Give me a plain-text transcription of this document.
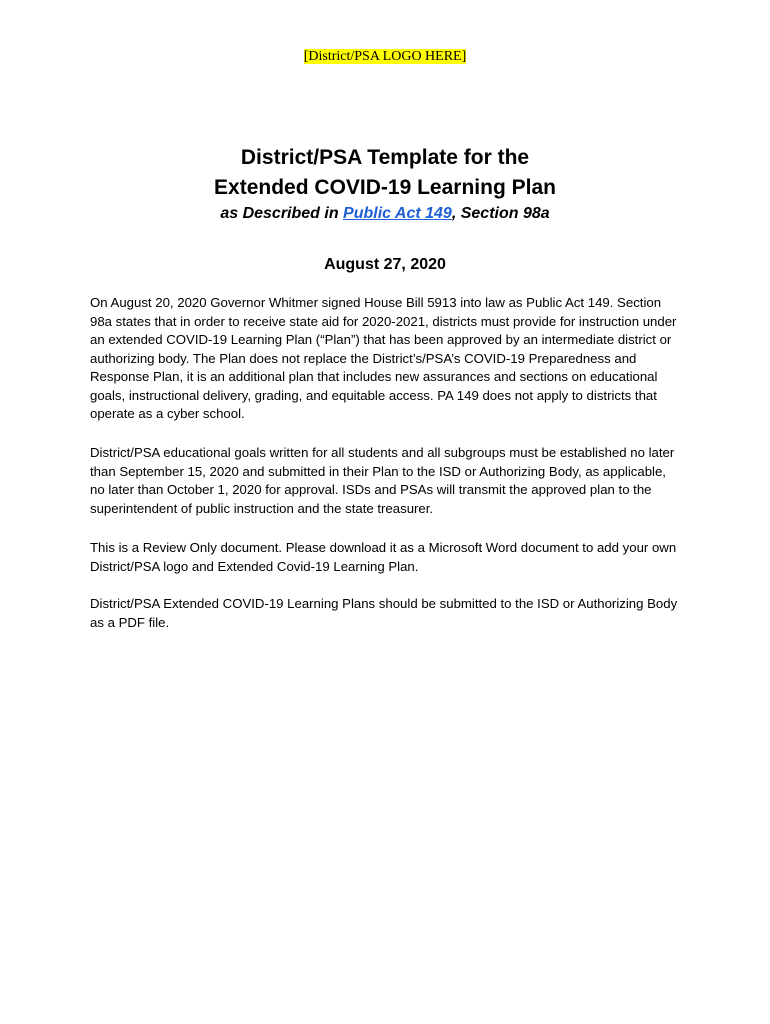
[District/PSA LOGO HERE]
District/PSA Template for the
Extended COVID-19 Learning Plan
as Described in Public Act 149, Section 98a
August 27, 2020

On August 20, 2020 Governor Whitmer signed House Bill 5913 into law as Public Act 149. Section 98a states that in order to receive state aid for 2020-2021, districts must provide for instruction under an extended COVID-19 Learning Plan (“Plan”) that has been approved by an intermediate district or authorizing body. The Plan does not replace the District’s/PSA’s COVID-19 Preparedness and Response Plan, it is an additional plan that includes new assurances and sections on educational goals, instructional delivery, grading, and equitable access. PA 149 does not apply to districts that operate as a cyber school.

District/PSA educational goals written for all students and all subgroups must be established no later than September 15, 2020 and submitted in their Plan to the ISD or Authorizing Body, as applicable, no later than October 1, 2020 for approval. ISDs and PSAs will transmit the approved plan to the superintendent of public instruction and the state treasurer.

This is a Review Only document. Please download it as a Microsoft Word document to add your own District/PSA logo and Extended Covid-19 Learning Plan.

District/PSA Extended COVID-19 Learning Plans should be submitted to the ISD or Authorizing Body as a PDF file.
